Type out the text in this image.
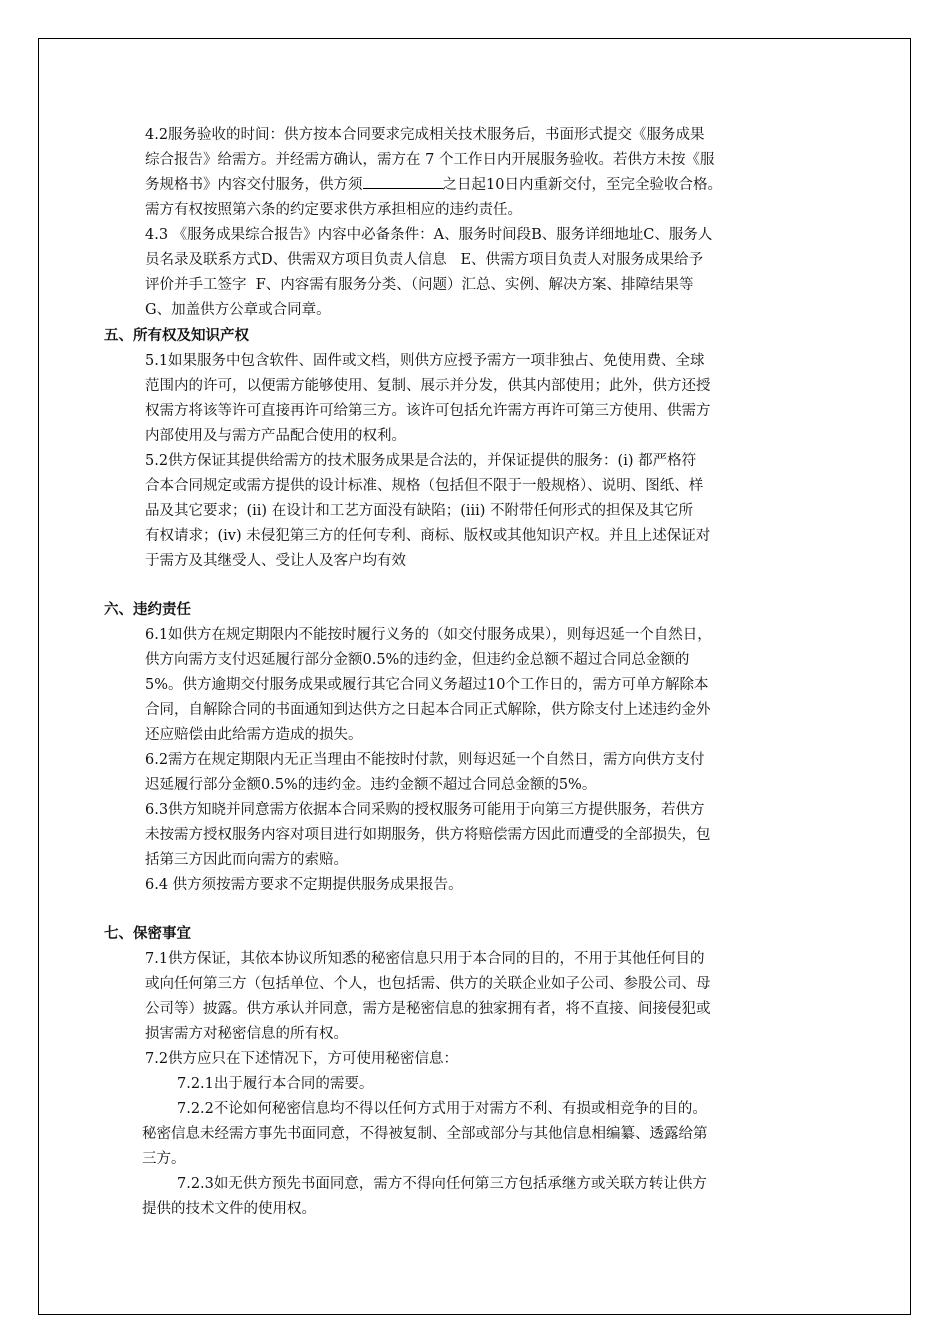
4.2服务验收的时间：供方按本合同要求完成相关技术服务后，书面形式提交《服务成果
综合报告》给需方。并经需方确认，需方在 7 个工作日内开展服务验收。若供方未按《服
务规格书》内容交付服务，供方须	之日起10日内重新交付，至完全验收合格。
需方有权按照第六条的约定要求供方承担相应的违约责任。
4.3 《服务成果综合报告》内容中必备条件：A、服务时间段B、服务详细地址C、服务人
员名录及联系方式D、供需双方项目负责人信息   E、供需方项目负责人对服务成果给予
评价并手工签字  F、内容需有服务分类、（问题）汇总、实例、解决方案、排障结果等
G、加盖供方公章或合同章。
五、所有权及知识产权
5.1如果服务中包含软件、固件或文档，则供方应授予需方一项非独占、免使用费、全球
范围内的许可，以便需方能够使用、复制、展示并分发，供其内部使用；此外，供方还授
权需方将该等许可直接再许可给第三方。该许可包括允许需方再许可第三方使用、供需方
内部使用及与需方产品配合使用的权利。
5.2供方保证其提供给需方的技术服务成果是合法的，并保证提供的服务：(i) 都严格符
合本合同规定或需方提供的设计标准、规格（包括但不限于一般规格）、说明、图纸、样
品及其它要求；(ii) 在设计和工艺方面没有缺陷；(iii) 不附带任何形式的担保及其它所
有权请求；(iv) 未侵犯第三方的任何专利、商标、版权或其他知识产权。并且上述保证对
于需方及其继受人、受让人及客户均有效
六、违约责任
6.1如供方在规定期限内不能按时履行义务的（如交付服务成果），则每迟延一个自然日，
供方向需方支付迟延履行部分金额0.5%的违约金，但违约金总额不超过合同总金额的
5%。供方逾期交付服务成果或履行其它合同义务超过10个工作日的，需方可单方解除本
合同，自解除合同的书面通知到达供方之日起本合同正式解除，供方除支付上述违约金外
还应赔偿由此给需方造成的损失。
6.2需方在规定期限内无正当理由不能按时付款，则每迟延一个自然日，需方向供方支付
迟延履行部分金额0.5%的违约金。违约金额不超过合同总金额的5%。
6.3供方知晓并同意需方依据本合同采购的授权服务可能用于向第三方提供服务，若供方
未按需方授权服务内容对项目进行如期服务，供方将赔偿需方因此而遭受的全部损失，包
括第三方因此而向需方的索赔。
6.4 供方须按需方要求不定期提供服务成果报告。
七、保密事宜
7.1供方保证，其依本协议所知悉的秘密信息只用于本合同的目的，不用于其他任何目的
或向任何第三方（包括单位、个人，也包括需、供方的关联企业如子公司、参股公司、母
公司等）披露。供方承认并同意，需方是秘密信息的独家拥有者，将不直接、间接侵犯或
损害需方对秘密信息的所有权。
7.2供方应只在下述情况下，方可使用秘密信息：
7.2.1出于履行本合同的需要。
7.2.2不论如何秘密信息均不得以任何方式用于对需方不利、有损或相竞争的目的。
秘密信息未经需方事先书面同意，不得被复制、全部或部分与其他信息相编纂、透露给第
三方。
7.2.3如无供方预先书面同意，需方不得向任何第三方包括承继方或关联方转让供方
提供的技术文件的使用权。
